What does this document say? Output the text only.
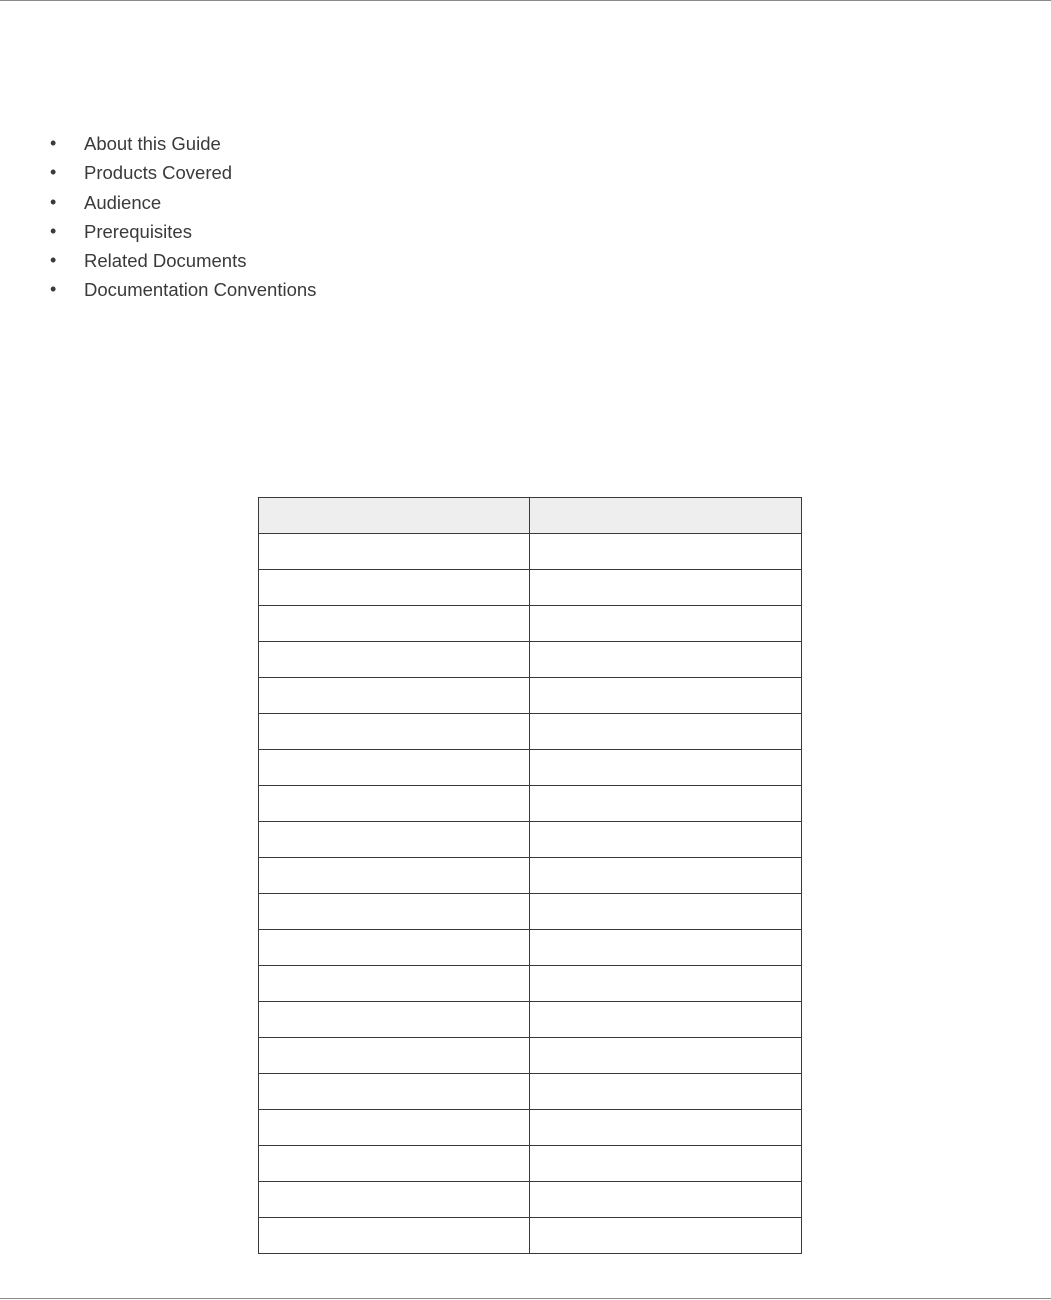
• About this Guide
• Products Covered
• Audience
• Prerequisites
• Related Documents
• Documentation Conventions
